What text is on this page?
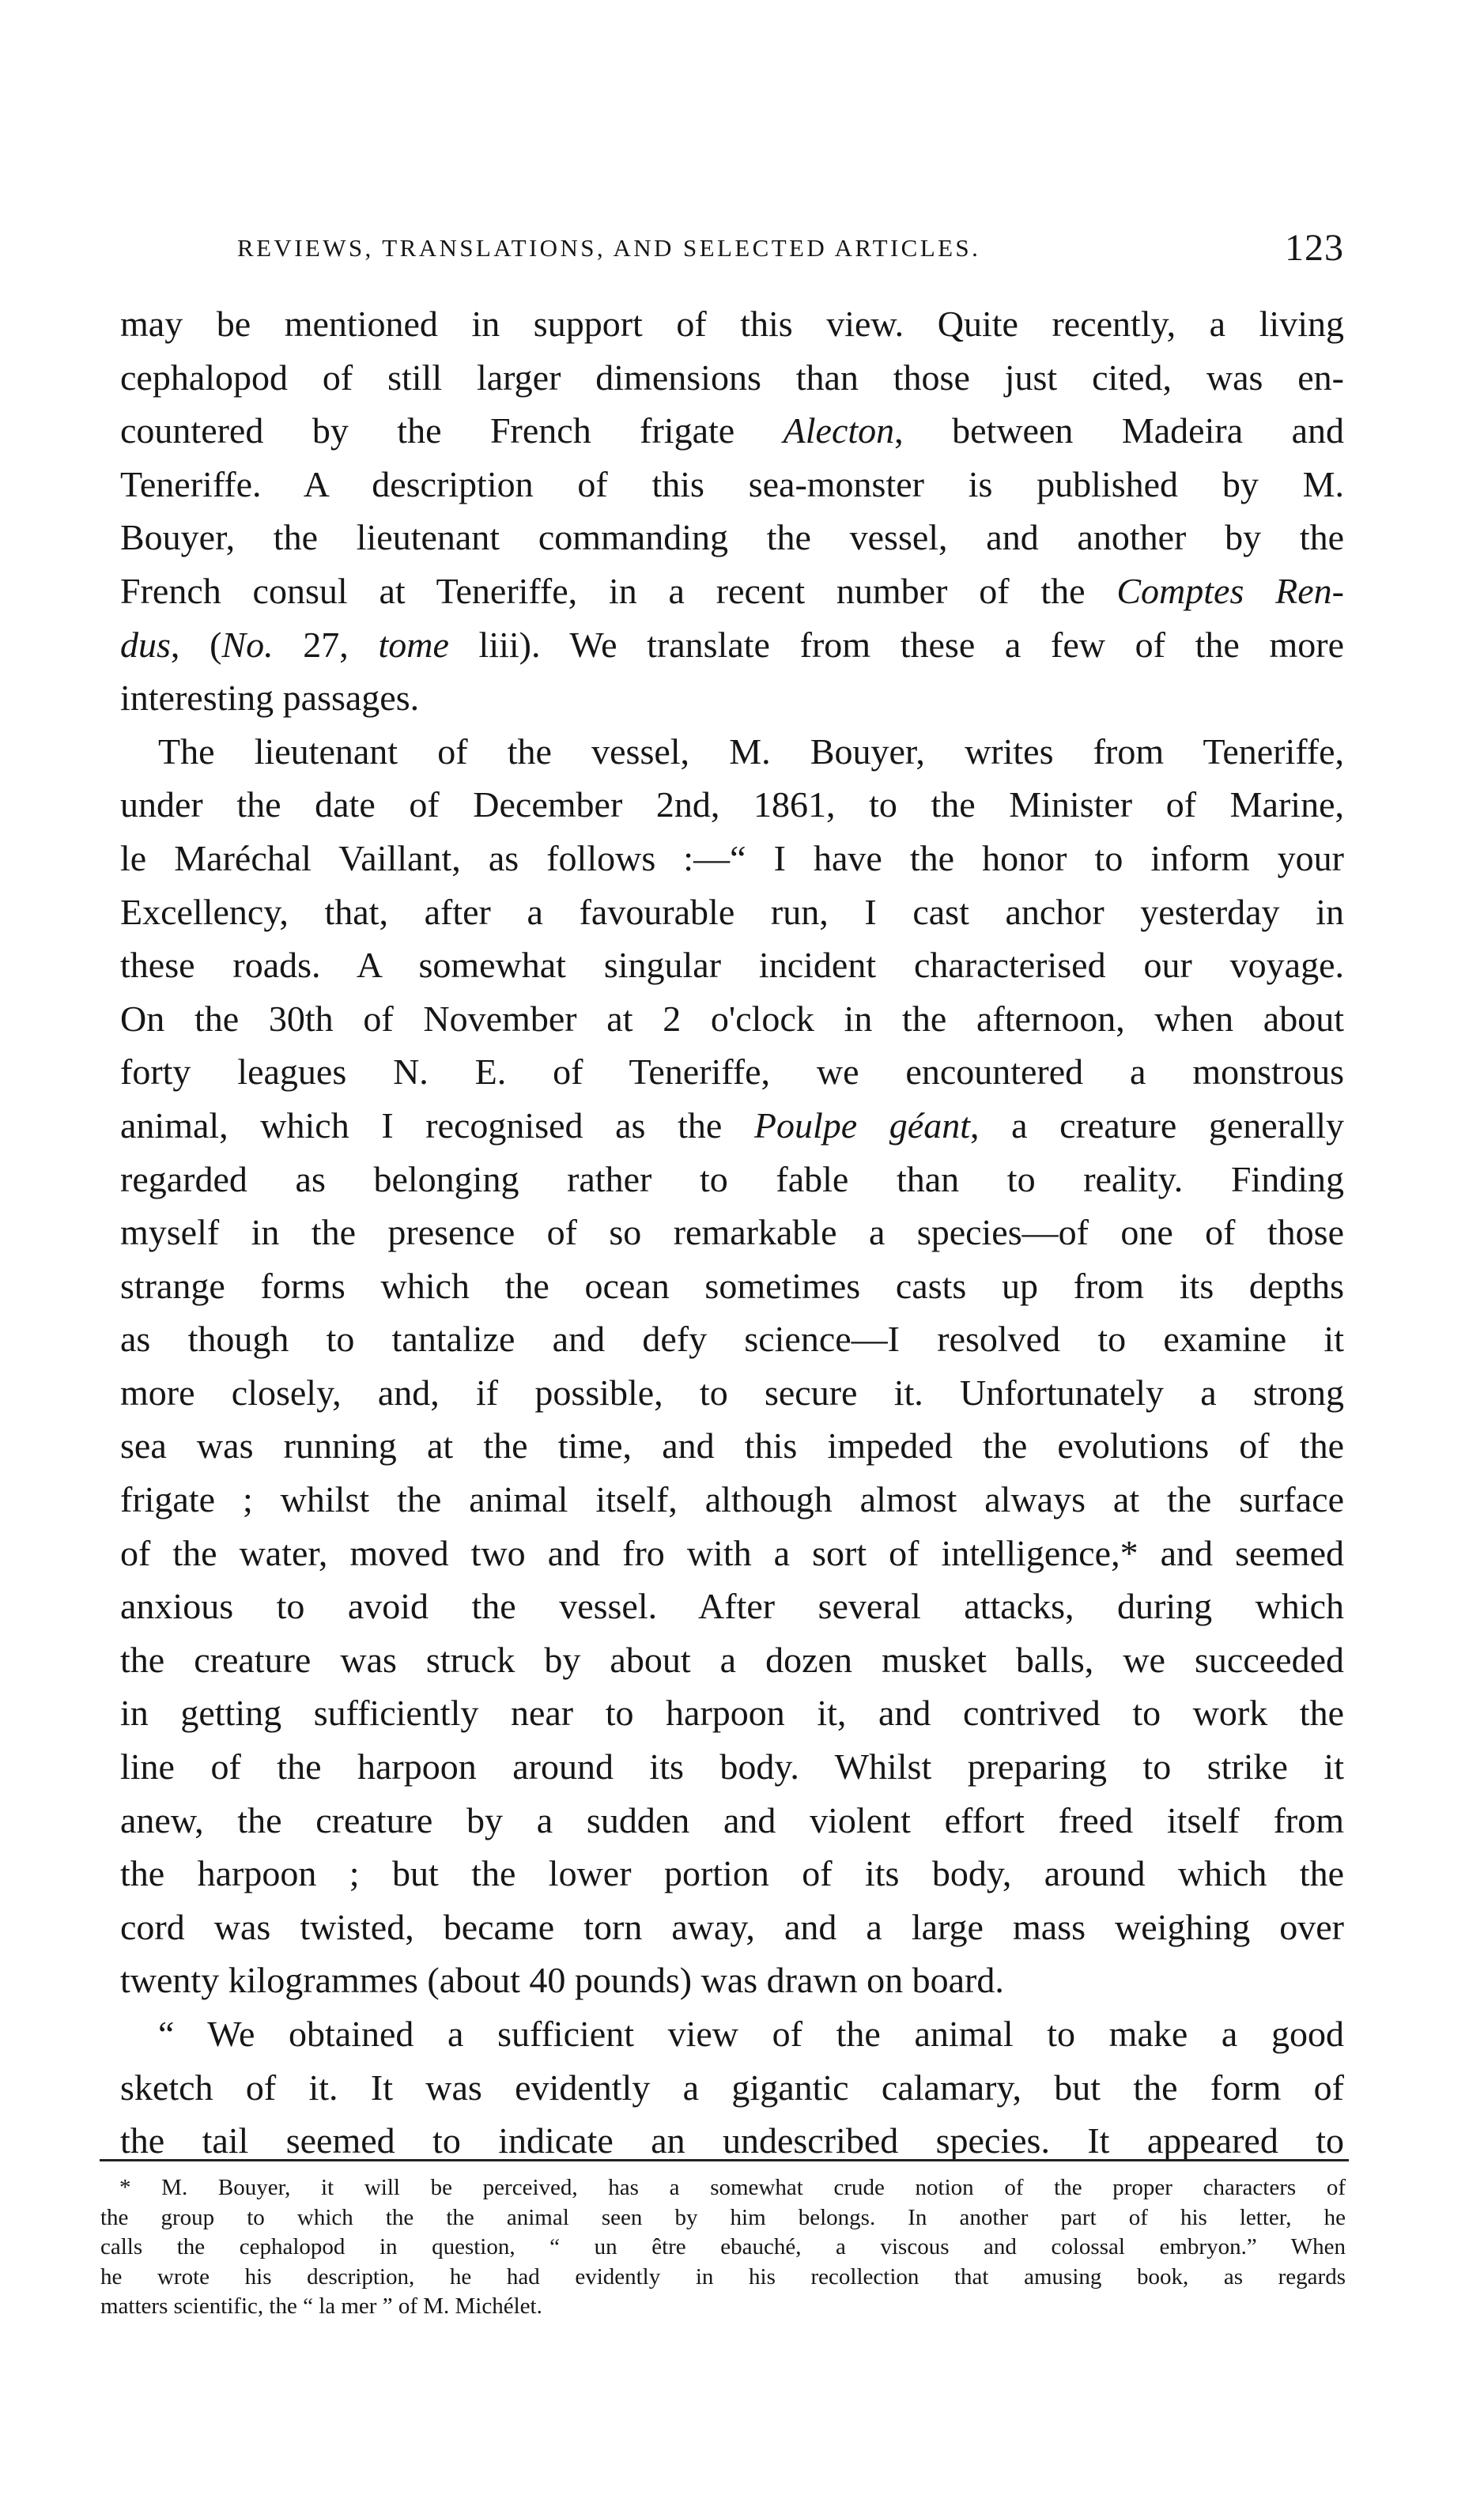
REVIEWS, TRANSLATIONS, AND SELECTED ARTICLES.	123
may be mentioned in support of this view. Quite recently, a living
cephalopod of still larger dimensions than those just cited, was en-
countered by the French frigate Alecton, between Madeira and
Teneriffe. A description of this sea-monster is published by M.
Bouyer, the lieutenant commanding the vessel, and another by the
French consul at Teneriffe, in a recent number of the Comptes Ren-
dus, (No. 27, tome liii). We translate from these a few of the more
interesting passages.
The lieutenant of the vessel, M. Bouyer, writes from Teneriffe,
under the date of December 2nd, 1861, to the Minister of Marine,
le Maréchal Vaillant, as follows :—“ I have the honor to inform your
Excellency, that, after a favourable run, I cast anchor yesterday in
these roads. A somewhat singular incident characterised our voyage.
On the 30th of November at 2 o'clock in the afternoon, when about
forty leagues N. E. of Teneriffe, we encountered a monstrous
animal, which I recognised as the Poulpe géant, a creature generally
regarded as belonging rather to fable than to reality. Finding
myself in the presence of so remarkable a species—of one of those
strange forms which the ocean sometimes casts up from its depths
as though to tantalize and defy science—I resolved to examine it
more closely, and, if possible, to secure it. Unfortunately a strong
sea was running at the time, and this impeded the evolutions of the
frigate ; whilst the animal itself, although almost always at the surface
of the water, moved two and fro with a sort of intelligence,* and seemed
anxious to avoid the vessel. After several attacks, during which
the creature was struck by about a dozen musket balls, we succeeded
in getting sufficiently near to harpoon it, and contrived to work the
line of the harpoon around its body. Whilst preparing to strike it
anew, the creature by a sudden and violent effort freed itself from
the harpoon ; but the lower portion of its body, around which the
cord was twisted, became torn away, and a large mass weighing over
twenty kilogrammes (about 40 pounds) was drawn on board.
“ We obtained a sufficient view of the animal to make a good
sketch of it. It was evidently a gigantic calamary, but the form of
the tail seemed to indicate an undescribed species. It appeared to
* M. Bouyer, it will be perceived, has a somewhat crude notion of the proper characters of
the group to which the the animal seen by him belongs. In another part of his letter, he
calls the cephalopod in question, “ un être ebauché, a viscous and colossal embryon.” When
he wrote his description, he had evidently in his recollection that amusing book, as regards
matters scientific, the “ la mer ” of M. Michélet.
